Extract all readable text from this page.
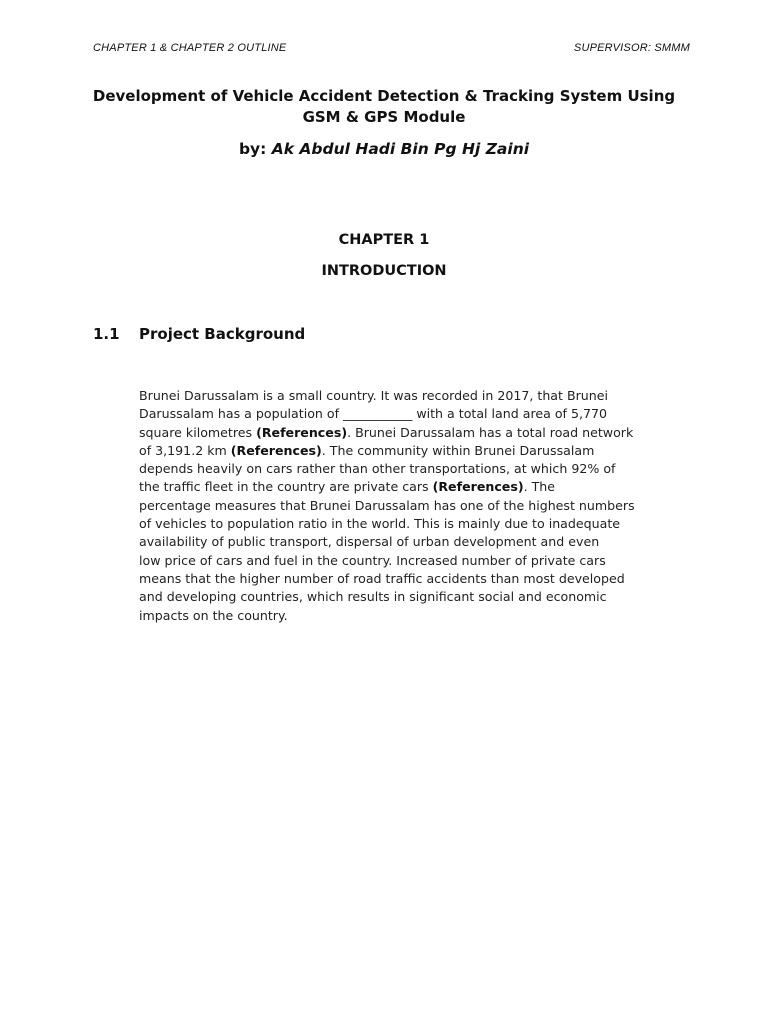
CHAPTER 1 & CHAPTER 2 OUTLINE	SUPERVISOR: SMMM
Development of Vehicle Accident Detection & Tracking System Using
GSM & GPS Module
by: Ak Abdul Hadi Bin Pg Hj Zaini
CHAPTER 1
INTRODUCTION
1.1 Project Background
Brunei Darussalam is a small country. It was recorded in 2017, that Brunei
Darussalam has a population of ___________ with a total land area of 5,770
square kilometres (References). Brunei Darussalam has a total road network
of 3,191.2 km (References). The community within Brunei Darussalam
depends heavily on cars rather than other transportations, at which 92% of
the traffic fleet in the country are private cars (References). The
percentage measures that Brunei Darussalam has one of the highest numbers
of vehicles to population ratio in the world. This is mainly due to inadequate
availability of public transport, dispersal of urban development and even
low price of cars and fuel in the country. Increased number of private cars
means that the higher number of road traffic accidents than most developed
and developing countries, which results in significant social and economic
impacts on the country.
